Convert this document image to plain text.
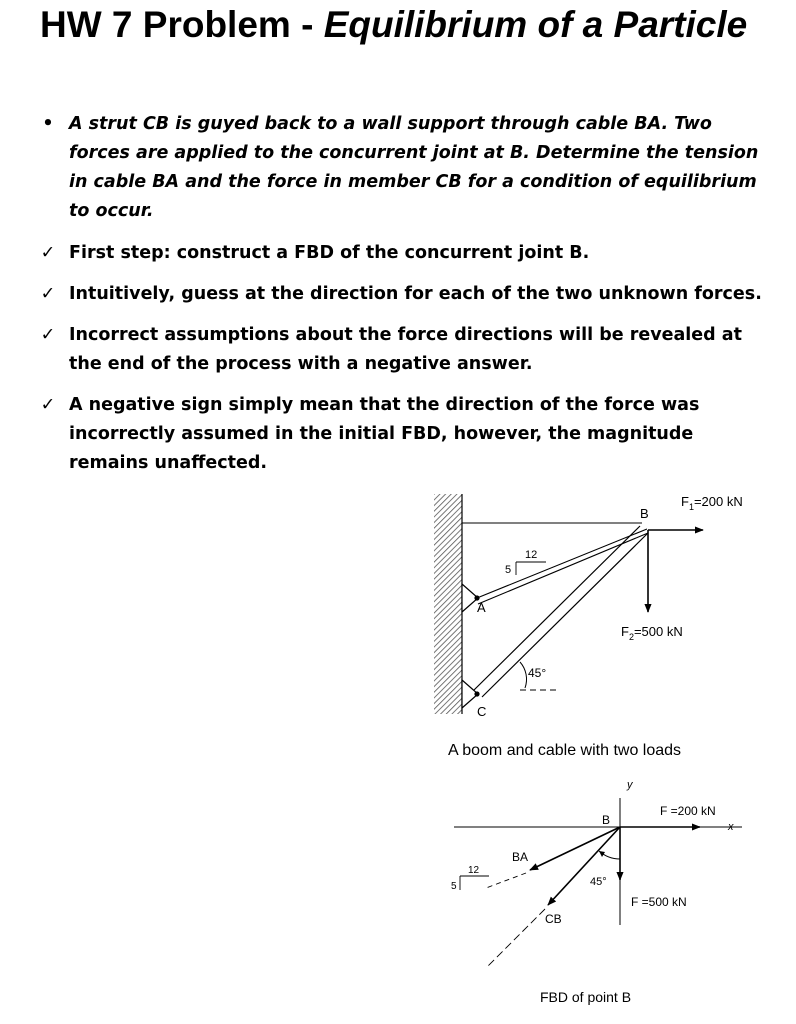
HW 7 Problem - Equilibrium of a Particle
• A strut CB is guyed back to a wall support through cable BA. Two forces are applied to the concurrent joint at B. Determine the tension in cable BA and the force in member CB for a condition of equilibrium to occur.
✓ First step: construct a FBD of the concurrent joint B.
✓ Intuitively, guess at the direction for each of the two unknown forces.
✓ Incorrect assumptions about the force directions will be revealed at the end of the process with a negative answer.
✓ A negative sign simply mean that the direction of the force was incorrectly assumed in the initial FBD, however, the magnitude remains unaffected.
12
5
45°
B
A
C
$F_1=200$ kN
$F_2=500$ kN
A boom and cable with two loads
y
x
B
BA
CB
12
5	45°
F =200 kN
F =500 kN
FBD of point B
